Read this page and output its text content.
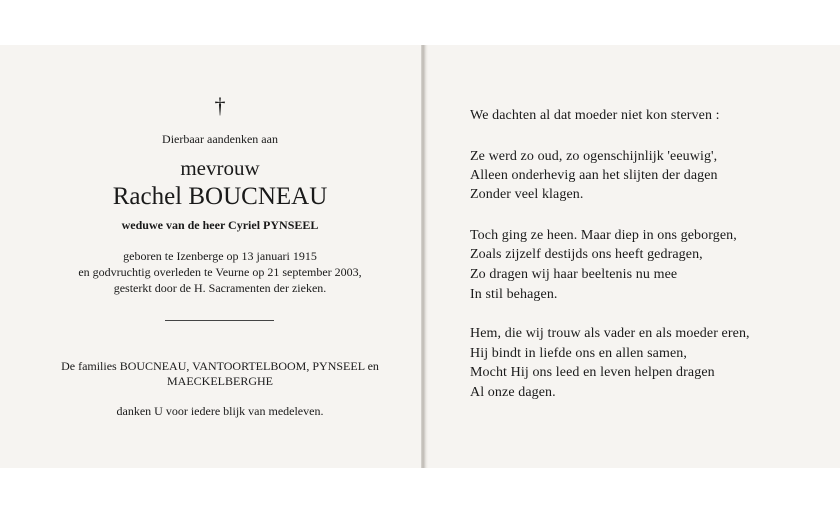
†
Dierbaar aandenken aan
mevrouw
Rachel BOUCNEAU
weduwe van de heer Cyriel PYNSEEL
geboren te Izenberge op 13 januari 1915
en godvruchtig overleden te Veurne op 21 september 2003,
gesterkt door de H. Sacramenten der zieken.
De families BOUCNEAU, VANTOORTELBOOM, PYNSEEL en
MAECKELBERGHE
danken U voor iedere blijk van medeleven.
We dachten al dat moeder niet kon sterven :
Ze werd zo oud, zo ogenschijnlijk 'eeuwig',
Alleen onderhevig aan het slijten der dagen
Zonder veel klagen.
Toch ging ze heen. Maar diep in ons geborgen,
Zoals zijzelf destijds ons heeft gedragen,
Zo dragen wij haar beeltenis nu mee
In stil behagen.
Hem, die wij trouw als vader en als moeder eren,
Hij bindt in liefde ons en allen samen,
Mocht Hij ons leed en leven helpen dragen
Al onze dagen.
